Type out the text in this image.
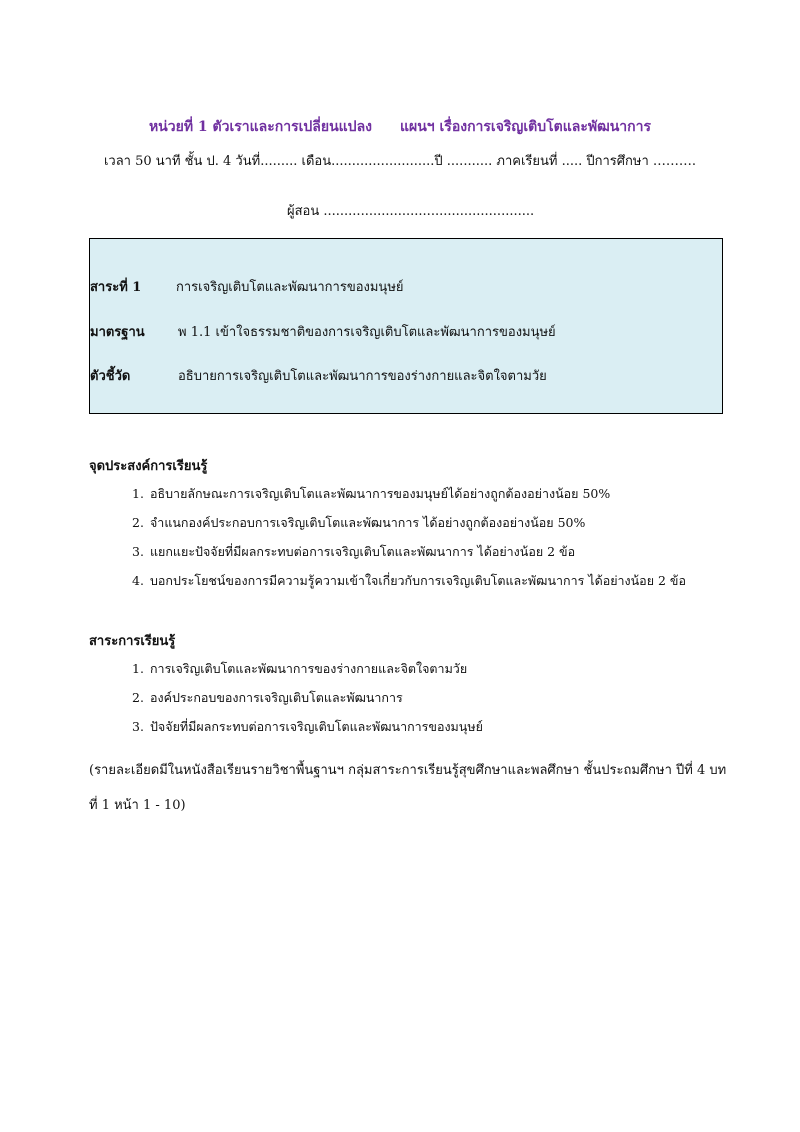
หน่วยที่ 1 ตัวเราและการเปลี่ยนแปลง แผนฯ เรื่องการเจริญเติบโตและพัฒนาการ
เวลา 50 นาที ชั้น ป. 4 วันที่......... เดือน.........................ปี ........... ภาคเรียนที่ ..... ปีการศึกษา ……….
ผู้สอน ...................................................
สาระที่ 1	การเจริญเติบโตและพัฒนาการของมนุษย์
มาตรฐาน	พ 1.1 เข้าใจธรรมชาติของการเจริญเติบโตและพัฒนาการของมนุษย์
ตัวชี้วัด	อธิบายการเจริญเติบโตและพัฒนาการของร่างกายและจิตใจตามวัย
จุดประสงค์การเรียนรู้
1. อธิบายลักษณะการเจริญเติบโตและพัฒนาการของมนุษย์ได้อย่างถูกต้องอย่างน้อย 50%
2. จำแนกองค์ประกอบการเจริญเติบโตและพัฒนาการ ได้อย่างถูกต้องอย่างน้อย 50%
3. แยกแยะปัจจัยที่มีผลกระทบต่อการเจริญเติบโตและพัฒนาการ ได้อย่างน้อย 2 ข้อ
4. บอกประโยชน์ของการมีความรู้ความเข้าใจเกี่ยวกับการเจริญเติบโตและพัฒนาการ ได้อย่างน้อย 2 ข้อ
สาระการเรียนรู้
1. การเจริญเติบโตและพัฒนาการของร่างกายและจิตใจตามวัย
2. องค์ประกอบของการเจริญเติบโตและพัฒนาการ
3. ปัจจัยที่มีผลกระทบต่อการเจริญเติบโตและพัฒนาการของมนุษย์
(รายละเอียดมีในหนังสือเรียนรายวิชาพื้นฐานฯ กลุ่มสาระการเรียนรู้สุขศึกษาและพลศึกษา ชั้นประถมศึกษา ปีที่ 4 บทที่ 1 หน้า 1 - 10)
